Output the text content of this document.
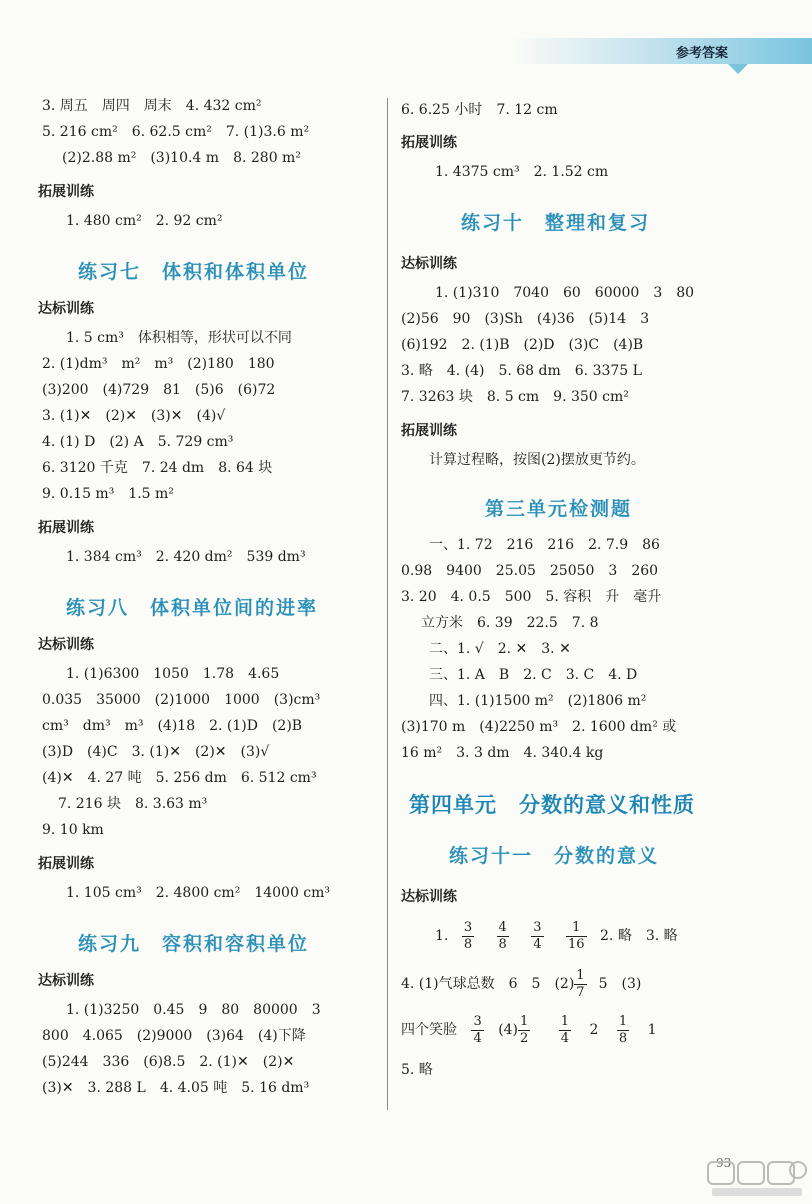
参考答案
3. 周五　周四　周末　4. 432 cm²
5. 216 cm²　6. 62.5 cm²　7. (1)3.6 m²
(2)2.88 m²　(3)10.4 m　8. 280 m²
拓展训练
1. 480 cm²　2. 92 cm²
练习七　体积和体积单位
达标训练
1. 5 cm³　体积相等，形状可以不同
2. (1)dm³　m²　m³　(2)180　180
(3)200　(4)729　81　(5)6　(6)72
3. (1)✕　(2)✕　(3)✕　(4)√
4. (1) D　(2) A　5. 729 cm³
6. 3120 千克　7. 24 dm　8. 64 块
9. 0.15 m³　1.5 m²
拓展训练
1. 384 cm³　2. 420 dm²　539 dm³
练习八　体积单位间的进率
达标训练
1. (1)6300　1050　1.78　4.65
0.035　35000　(2)1000　1000　(3)cm³
cm³　dm³　m³　(4)18　2. (1)D　(2)B
(3)D　(4)C　3. (1)✕　(2)✕　(3)√
(4)✕　4. 27 吨　5. 256 dm　6. 512 cm³
7. 216 块　8. 3.63 m³
9. 10 km
拓展训练
1. 105 cm³　2. 4800 cm²　14000 cm³
练习九　容积和容积单位
达标训练
1. (1)3250　0.45　9　80　80000　3
800　4.065　(2)9000　(3)64　(4)下降
(5)244　336　(6)8.5　2. (1)✕　(2)✕
(3)✕　3. 288 L　4. 4.05 吨　5. 16 dm³
6. 6.25 小时　7. 12 cm
拓展训练
1. 4375 cm³　2. 1.52 cm
练习十　整理和复习
达标训练
1. (1)310　7040　60　60000　3　80
(2)56　90　(3)Sh　(4)36　(5)14　3
(6)192　2. (1)B　(2)D　(3)C　(4)B
3. 略　4. (4)　5. 68 dm　6. 3375 L
7. 3263 块　8. 5 cm　9. 350 cm²
拓展训练
计算过程略，按图(2)摆放更节约。
第三单元检测题
一、1. 72　216　216　2. 7.9　86
0.98　9400　25.05　25050　3　260
3. 20　4. 0.5　500　5. 容积　升　毫升
立方米　6. 39　22.5　7. 8
二、1. √　2. ✕　3. ✕
三、1. A　B　2. C　3. C　4. D
四、1. (1)1500 m²　(2)1806 m²
(3)170 m　(4)2250 m³　2. 1600 dm² 或
16 m²　3. 3 dm　4. 340.4 kg
第四单元　分数的意义和性质
练习十一　分数的意义
达标训练
1. $\frac{3}{8}$
$\frac{4}{8}$
$\frac{3}{4}$
$\frac{1}{16} 2$. 略　3. 略
4. (1)气球总数　6　5　$(2) \frac{1}{7} 5$　(3)
四个笑脸 $\frac{3}{4} (4) \frac{1}{2}$
$\frac{1}{4} 2 \frac{1}{8} 1$
5. 略
93
